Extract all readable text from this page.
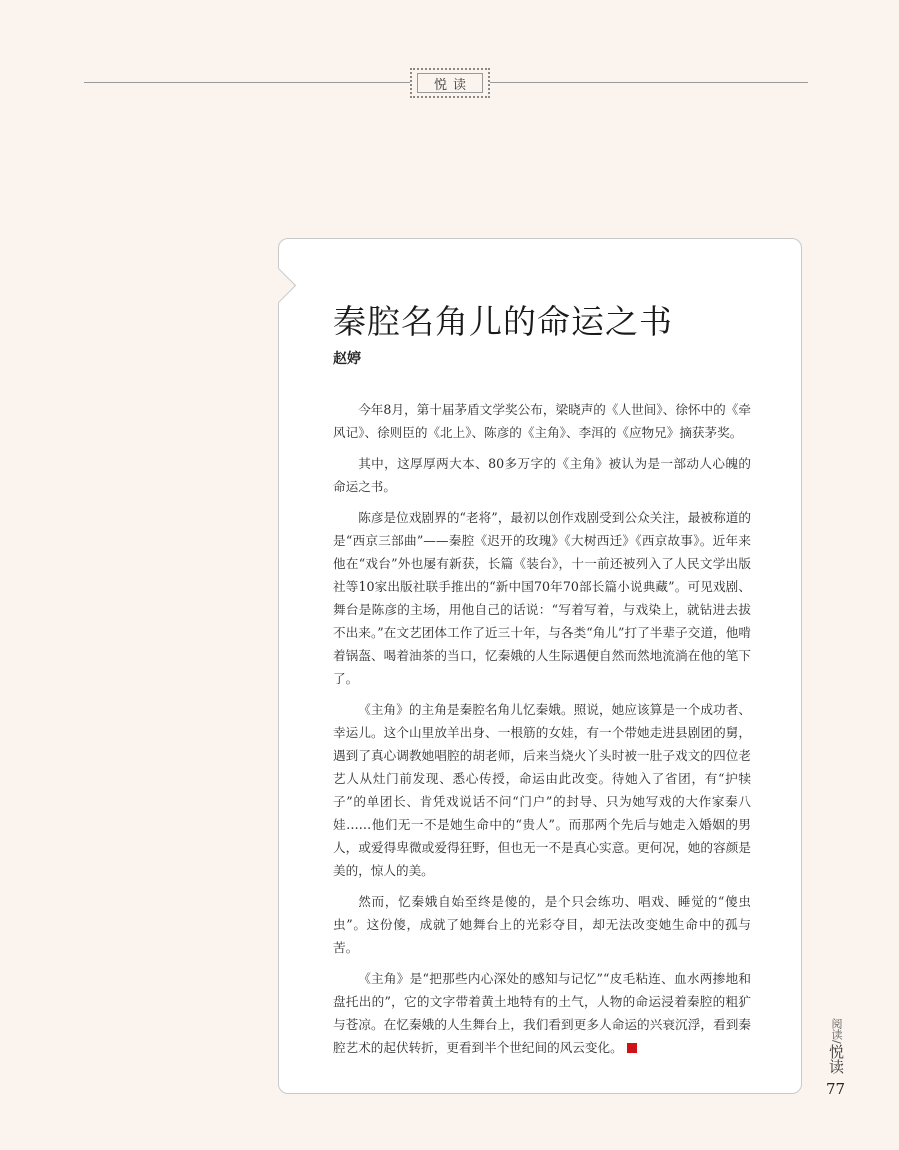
悦读
秦腔名角儿的命运之书
赵婷

今年8月，第十届茅盾文学奖公布，梁晓声的《人世间》、徐怀中的《牵风记》、徐则臣的《北上》、陈彦的《主角》、李洱的《应物兄》摘获茅奖。

其中，这厚厚两大本、80多万字的《主角》被认为是一部动人心魄的命运之书。

陈彦是位戏剧界的“老将”，最初以创作戏剧受到公众关注，最被称道的是“西京三部曲”——秦腔《迟开的玫瑰》《大树西迁》《西京故事》。近年来他在“戏台”外也屡有新获，长篇《装台》，十一前还被列入了人民文学出版社等10家出版社联手推出的“新中国70年70部长篇小说典藏”。可见戏剧、舞台是陈彦的主场，用他自己的话说：“写着写着，与戏染上，就钻进去拔不出来。”在文艺团体工作了近三十年，与各类“角儿”打了半辈子交道，他啃着锅盔、喝着油茶的当口，忆秦娥的人生际遇便自然而然地流淌在他的笔下了。

《主角》的主角是秦腔名角儿忆秦娥。照说，她应该算是一个成功者、幸运儿。这个山里放羊出身、一根筋的女娃，有一个带她走进县剧团的舅，遇到了真心调教她唱腔的胡老师，后来当烧火丫头时被一肚子戏文的四位老艺人从灶门前发现、悉心传授，命运由此改变。待她入了省团，有“护犊子”的单团长、肯凭戏说话不问“门户”的封导、只为她写戏的大作家秦八娃……他们无一不是她生命中的“贵人”。而那两个先后与她走入婚姻的男人，或爱得卑微或爱得狂野，但也无一不是真心实意。更何况，她的容颜是美的，惊人的美。

然而，忆秦娥自始至终是傻的，是个只会练功、唱戏、睡觉的“傻虫虫”。这份傻，成就了她舞台上的光彩夺目，却无法改变她生命中的孤与苦。

《主角》是“把那些内心深处的感知与记忆”“皮毛粘连、血水两掺地和盘托出的”，它的文字带着黄土地特有的土气，人物的命运浸着秦腔的粗犷与苍凉。在忆秦娥的人生舞台上，我们看到更多人命运的兴衰沉浮，看到秦腔艺术的起伏转折，更看到半个世纪间的风云变化。

阅读/悦读
77
